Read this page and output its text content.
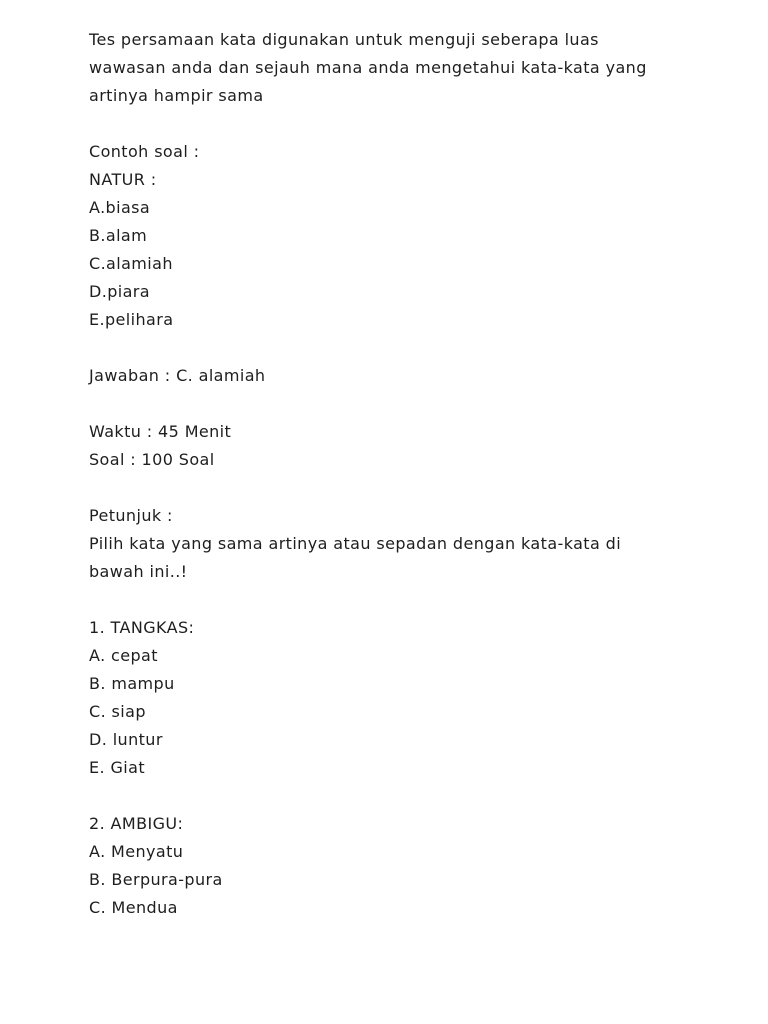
Tes persamaan kata digunakan untuk menguji seberapa luas
wawasan anda dan sejauh mana anda mengetahui kata-kata yang
artinya hampir sama
Contoh soal :
NATUR :
A.biasa
B.alam
C.alamiah
D.piara
E.pelihara
Jawaban : C. alamiah
Waktu : 45 Menit
Soal : 100 Soal
Petunjuk :
Pilih kata yang sama artinya atau sepadan dengan kata-kata di
bawah ini..!
1. TANGKAS:
A. cepat
B. mampu
C. siap
D. luntur
E. Giat
2. AMBIGU:
A. Menyatu
B. Berpura-pura
C. Mendua
